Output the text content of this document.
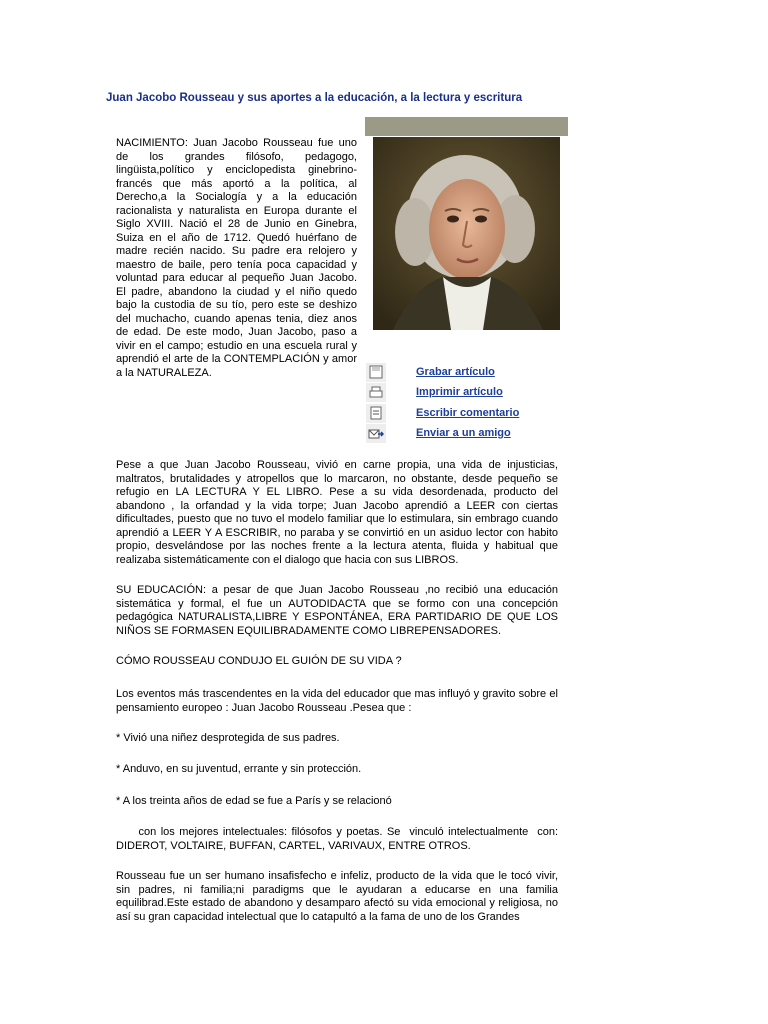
Juan Jacobo Rousseau y sus aportes a la educación, a la lectura y escritura

NACIMIENTO: Juan Jacobo Rousseau fue uno de los grandes filósofo, pedagogo, lingüista,político y enciclopedista ginebrino-francés que más aportó a la política, al Derecho,a la Socialogía y a la educación racionalista y naturalista en Europa durante el Siglo XVIII. Nació el 28 de Junio en Ginebra, Suiza en el año de 1712. Quedó huérfano de madre recién nacido. Su padre era relojero y maestro de baile, pero tenía poca capacidad y voluntad para educar al pequeño Juan Jacobo. El padre, abandono la ciudad y el niño quedo bajo la custodia de su tío, pero este se deshizo del muchacho, cuando apenas tenia, diez anos de edad. De este modo, Juan Jacobo, paso a vivir en el campo; estudio en una escuela rural y aprendió el arte de la CONTEMPLACIÓN y amor a la NATURALEZA.	Grabar artículo
Imprimir artículo
Escribir comentario
Enviar a un amigo

Pese a que Juan Jacobo Rousseau, vivió en carne propia, una vida de injusticias, maltratos, brutalidades y atropellos que lo marcaron, no obstante, desde pequeño se refugio en LA LECTURA Y EL LIBRO. Pese a su vida desordenada, producto del abandono , la orfandad y la vida torpe; Juan Jacobo aprendió a LEER con ciertas dificultades, puesto que no tuvo el modelo familiar que lo estimulara, sin embrago cuando aprendió a LEER Y A ESCRIBIR, no paraba y se convirtió en un asiduo lector con habito propio, desvelándose por las noches frente a la lectura atenta, fluida y habitual que realizaba sistemáticamente con el dialogo que hacia con sus LIBROS.

SU EDUCACIÓN: a pesar de que Juan Jacobo Rousseau ,no recibió una educación sistemática y formal, el fue un AUTODIDACTA que se formo con una concepción pedagógica NATURALISTA,LIBRE Y ESPONTÁNEA, ERA PARTIDARIO DE QUE LOS NIÑOS SE FORMASEN EQUILIBRADAMENTE COMO LIBREPENSADORES.

CÓMO ROUSSEAU CONDUJO EL GUIÓN DE SU VIDA ?

Los eventos más trascendentes en la vida del educador que mas influyó y gravito sobre el pensamiento europeo : Juan Jacobo Rousseau .Pesea que :

* Vivió una niñez desprotegida de sus padres.

* Anduvo, en su juventud, errante y sin protección.

* A los treinta años de edad se fue a París y se relacionó

con los mejores intelectuales: filósofos y poetas. Se  vinculó intelectualmente  con: DIDEROT, VOLTAIRE, BUFFAN, CARTEL, VARIVAUX, ENTRE OTROS.

Rousseau fue un ser humano insafisfecho e infeliz, producto de la vida que le tocó vivir, sin padres, ni familia;ni paradigms que le ayudaran a educarse en una familia equilibrad.Este estado de abandono y desamparo afectó su vida emocional y religiosa, no así su gran capacidad intelectual que lo catapultó a la fama de uno de los Grandes
